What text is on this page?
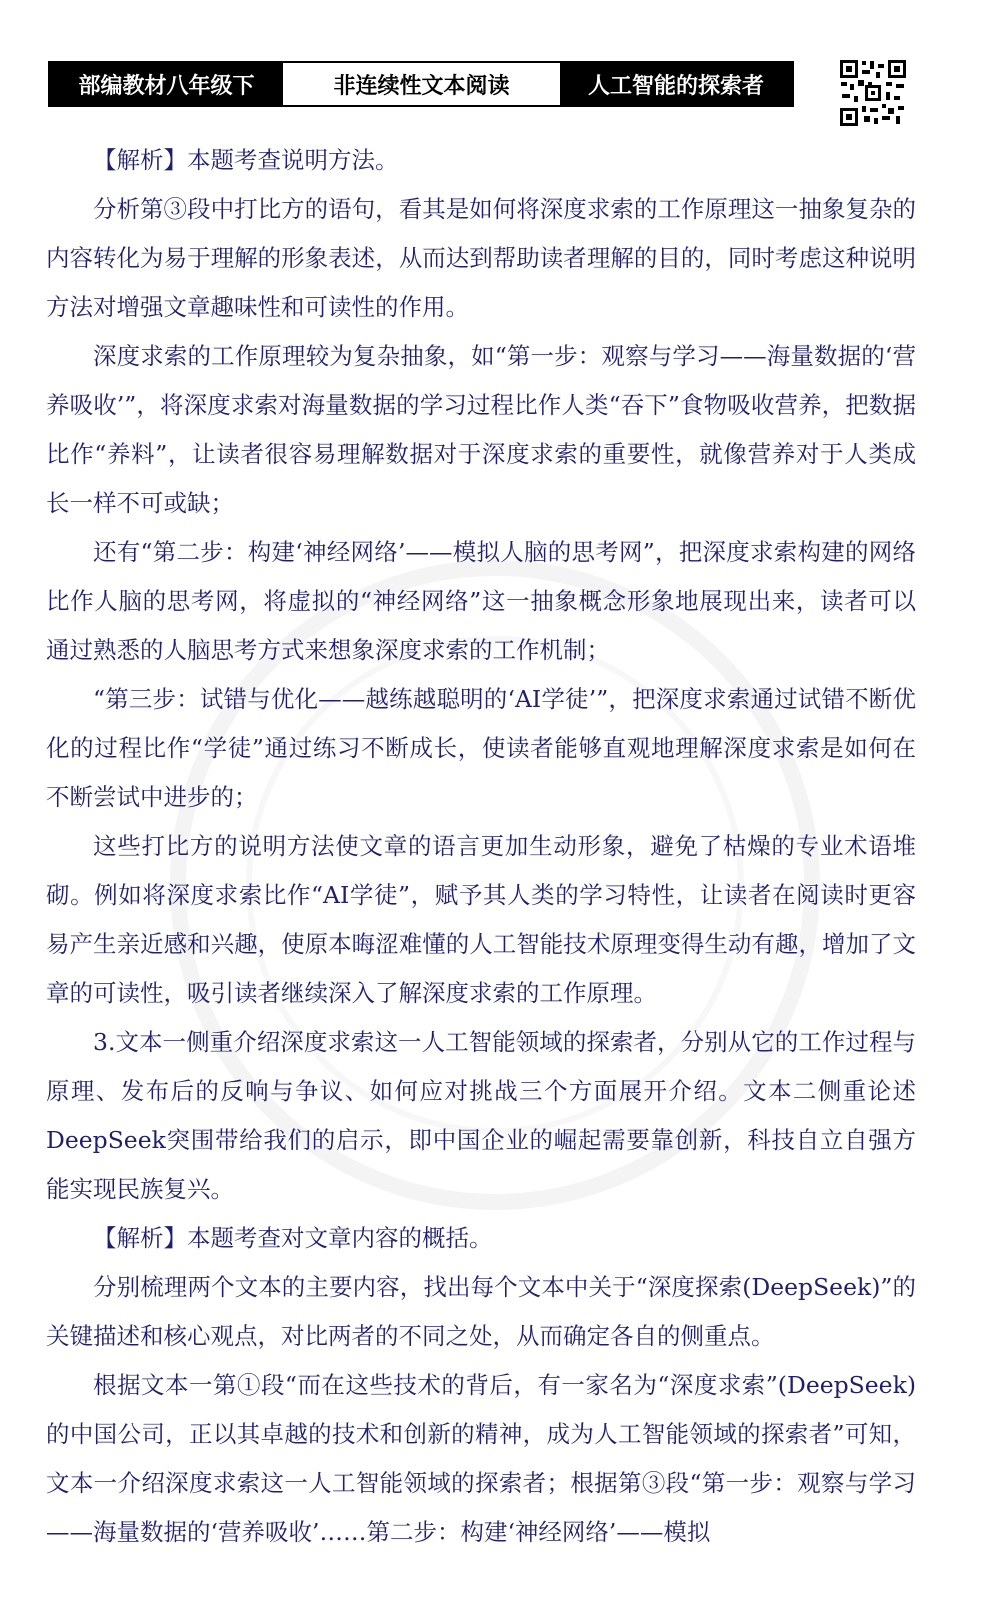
部编教材八年级下	非连续性文本阅读	人工智能的探索者

【解析】本题考查说明方法。

分析第③段中打比方的语句，看其是如何将深度求索的工作原理这一抽象复杂的内容转化为易于理解的形象表述，从而达到帮助读者理解的目的，同时考虑这种说明方法对增强文章趣味性和可读性的作用。

深度求索的工作原理较为复杂抽象，如“第一步：观察与学习——海量数据的‘营养吸收’”，将深度求索对海量数据的学习过程比作人类“吞下”食物吸收营养，把数据比作“养料”，让读者很容易理解数据对于深度求索的重要性，就像营养对于人类成长一样不可或缺；

还有“第二步：构建‘神经网络’——模拟人脑的思考网”，把深度求索构建的网络比作人脑的思考网，将虚拟的“神经网络”这一抽象概念形象地展现出来，读者可以通过熟悉的人脑思考方式来想象深度求索的工作机制；

“第三步：试错与优化——越练越聪明的‘AI学徒’”，把深度求索通过试错不断优化的过程比作“学徒”通过练习不断成长，使读者能够直观地理解深度求索是如何在不断尝试中进步的；

这些打比方的说明方法使文章的语言更加生动形象，避免了枯燥的专业术语堆砌。例如将深度求索比作“AI学徒”，赋予其人类的学习特性，让读者在阅读时更容易产生亲近感和兴趣，使原本晦涩难懂的人工智能技术原理变得生动有趣，增加了文章的可读性，吸引读者继续深入了解深度求索的工作原理。

3.文本一侧重介绍深度求索这一人工智能领域的探索者，分别从它的工作过程与原理、发布后的反响与争议、如何应对挑战三个方面展开介绍。文本二侧重论述DeepSeek突围带给我们的启示，即中国企业的崛起需要靠创新，科技自立自强方能实现民族复兴。

【解析】本题考查对文章内容的概括。

分别梳理两个文本的主要内容，找出每个文本中关于“深度探索(DeepSeek)”的关键描述和核心观点，对比两者的不同之处，从而确定各自的侧重点。

根据文本一第①段“而在这些技术的背后，有一家名为“深度求索”(DeepSeek)的中国公司，正以其卓越的技术和创新的精神，成为人工智能领域的探索者”可知，文本一介绍深度求索这一人工智能领域的探索者；根据第③段“第一步：观察与学习——海量数据的‘营养吸收’……第二步：构建‘神经网络’——模拟
